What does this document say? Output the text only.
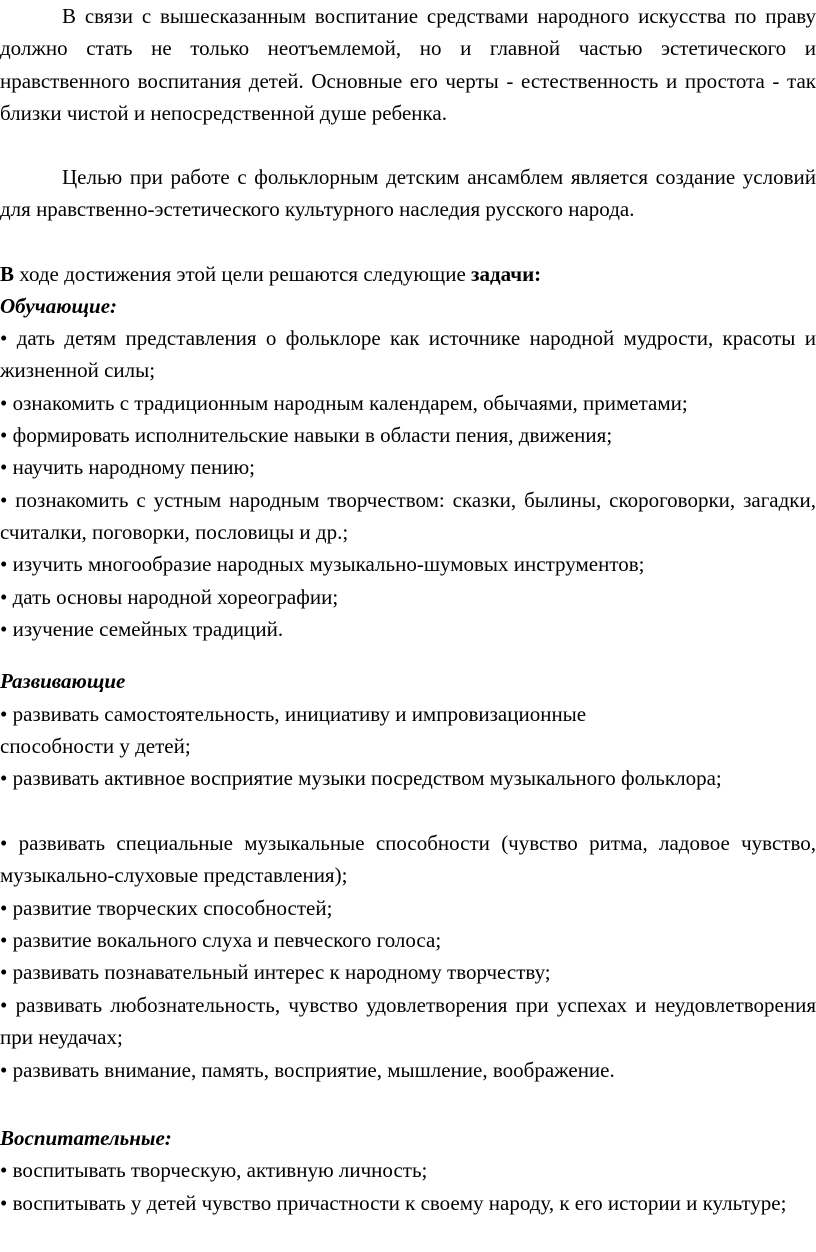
В связи с вышесказанным воспитание средствами народного искусства по праву должно стать не только неотъемлемой, но и главной частью эстетического и нравственного воспитания детей. Основные его черты - естественность и простота - так близки чистой и непосредственной душе ребенка.

Целью при работе с фольклорным детским ансамблем является создание условий для нравственно-эстетического культурного наследия русского народа.

В ходе достижения этой цели решаются следующие задачи:

Обучающие:

• дать детям представления о фольклоре как источнике народной мудрости, красоты и жизненной силы;

• ознакомить с традиционным народным календарем, обычаями, приметами;

• формировать исполнительские навыки в области пения, движения;

• научить народному пению;

• познакомить с устным народным творчеством: сказки, былины, скороговорки, загадки, считалки, поговорки, пословицы и др.;

• изучить многообразие народных музыкально-шумовых инструментов;

• дать основы народной хореографии;

• изучение семейных традиций.

Развивающие

• развивать самостоятельность, инициативу и импровизационные способности у детей;

• развивать активное восприятие музыки посредством музыкального фольклора;

• развивать специальные музыкальные способности (чувство ритма, ладовое чувство, музыкально-слуховые представления);

• развитие творческих способностей;

• развитие вокального слуха и певческого голоса;

• развивать познавательный интерес к народному творчеству;

• развивать любознательность, чувство удовлетворения при успехах и неудовлетворения при неудачах;

• развивать внимание, память, восприятие, мышление, воображение.

Воспитательные:

• воспитывать творческую, активную личность;

• воспитывать у детей чувство причастности к своему народу, к его истории и культуре;
